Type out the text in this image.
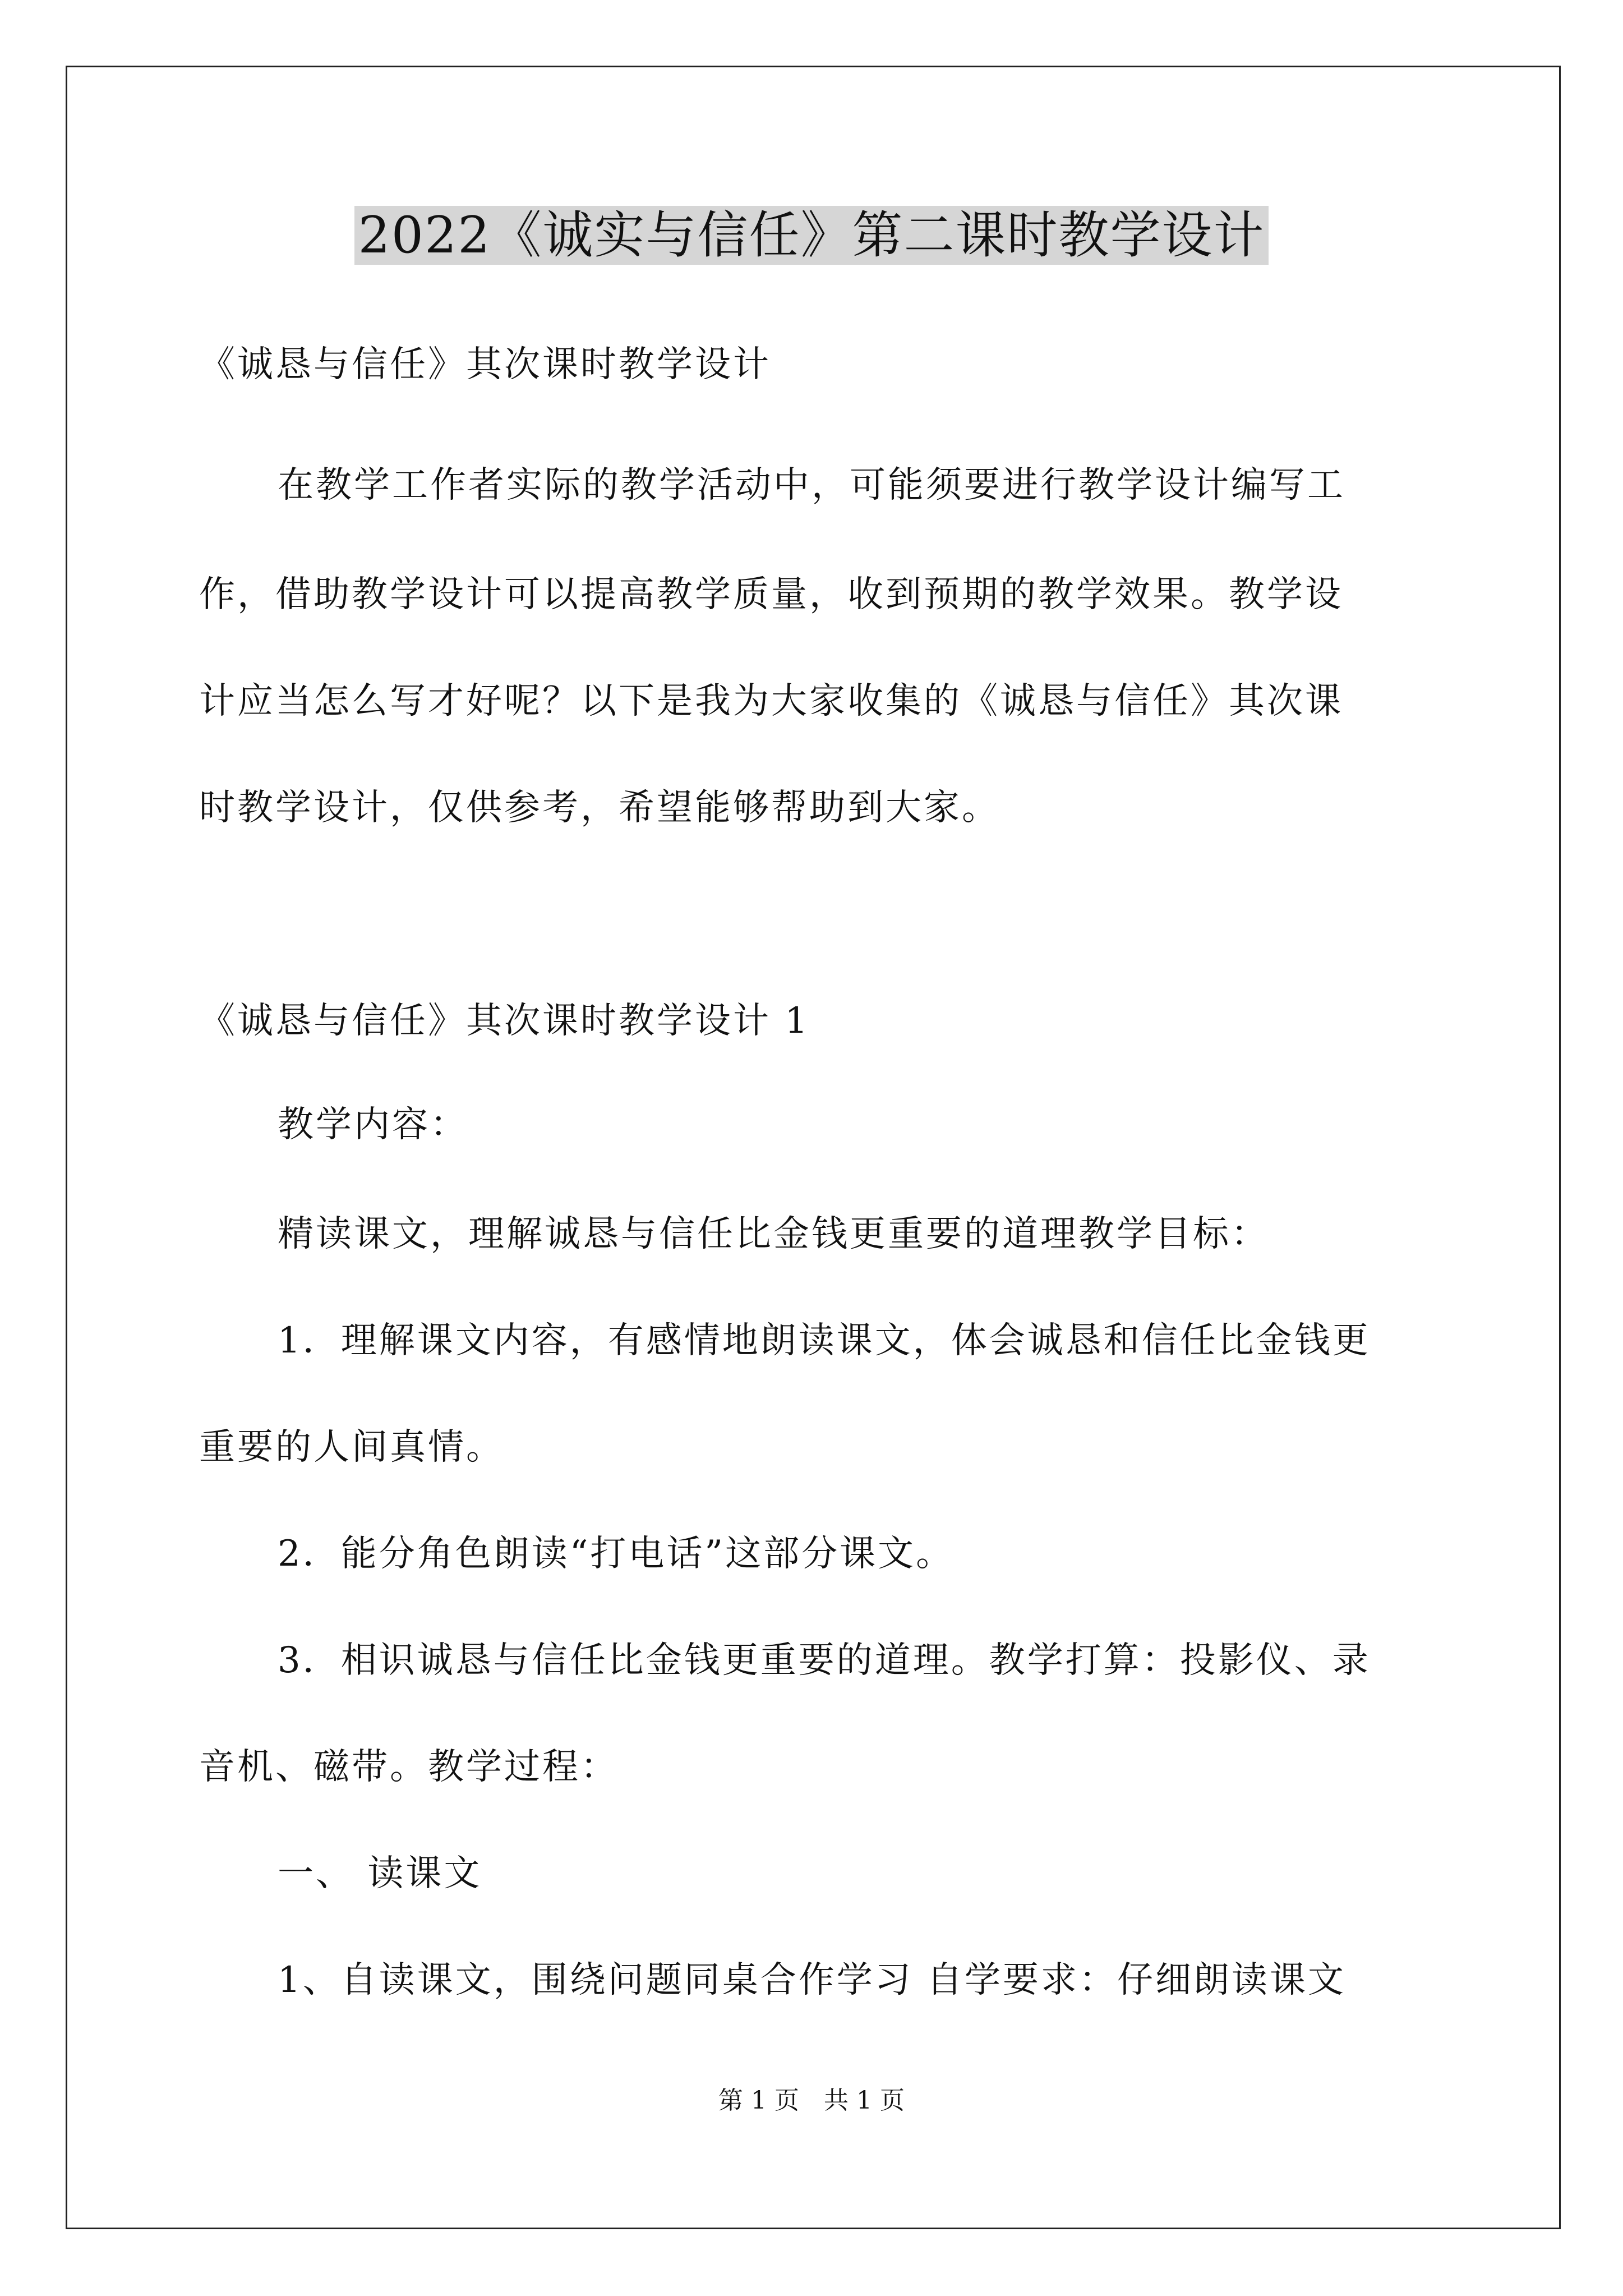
2022《诚实与信任》第二课时教学设计
《诚恳与信任》其次课时教学设计
在教学工作者实际的教学活动中，可能须要进行教学设计编写工
作，借助教学设计可以提高教学质量，收到预期的教学效果。教学设
计应当怎么写才好呢？以下是我为大家收集的《诚恳与信任》其次课
时教学设计，仅供参考，希望能够帮助到大家。
《诚恳与信任》其次课时教学设计 1
教学内容：
精读课文，理解诚恳与信任比金钱更重要的道理教学目标：
1．理解课文内容，有感情地朗读课文，体会诚恳和信任比金钱更
重要的人间真情。
2．能分角色朗读“打电话”这部分课文。
3．相识诚恳与信任比金钱更重要的道理。教学打算：投影仪、录
音机、磁带。教学过程：
一、 读课文
1、自读课文，围绕问题同桌合作学习 自学要求：仔细朗读课文
第 1 页　共 1 页
